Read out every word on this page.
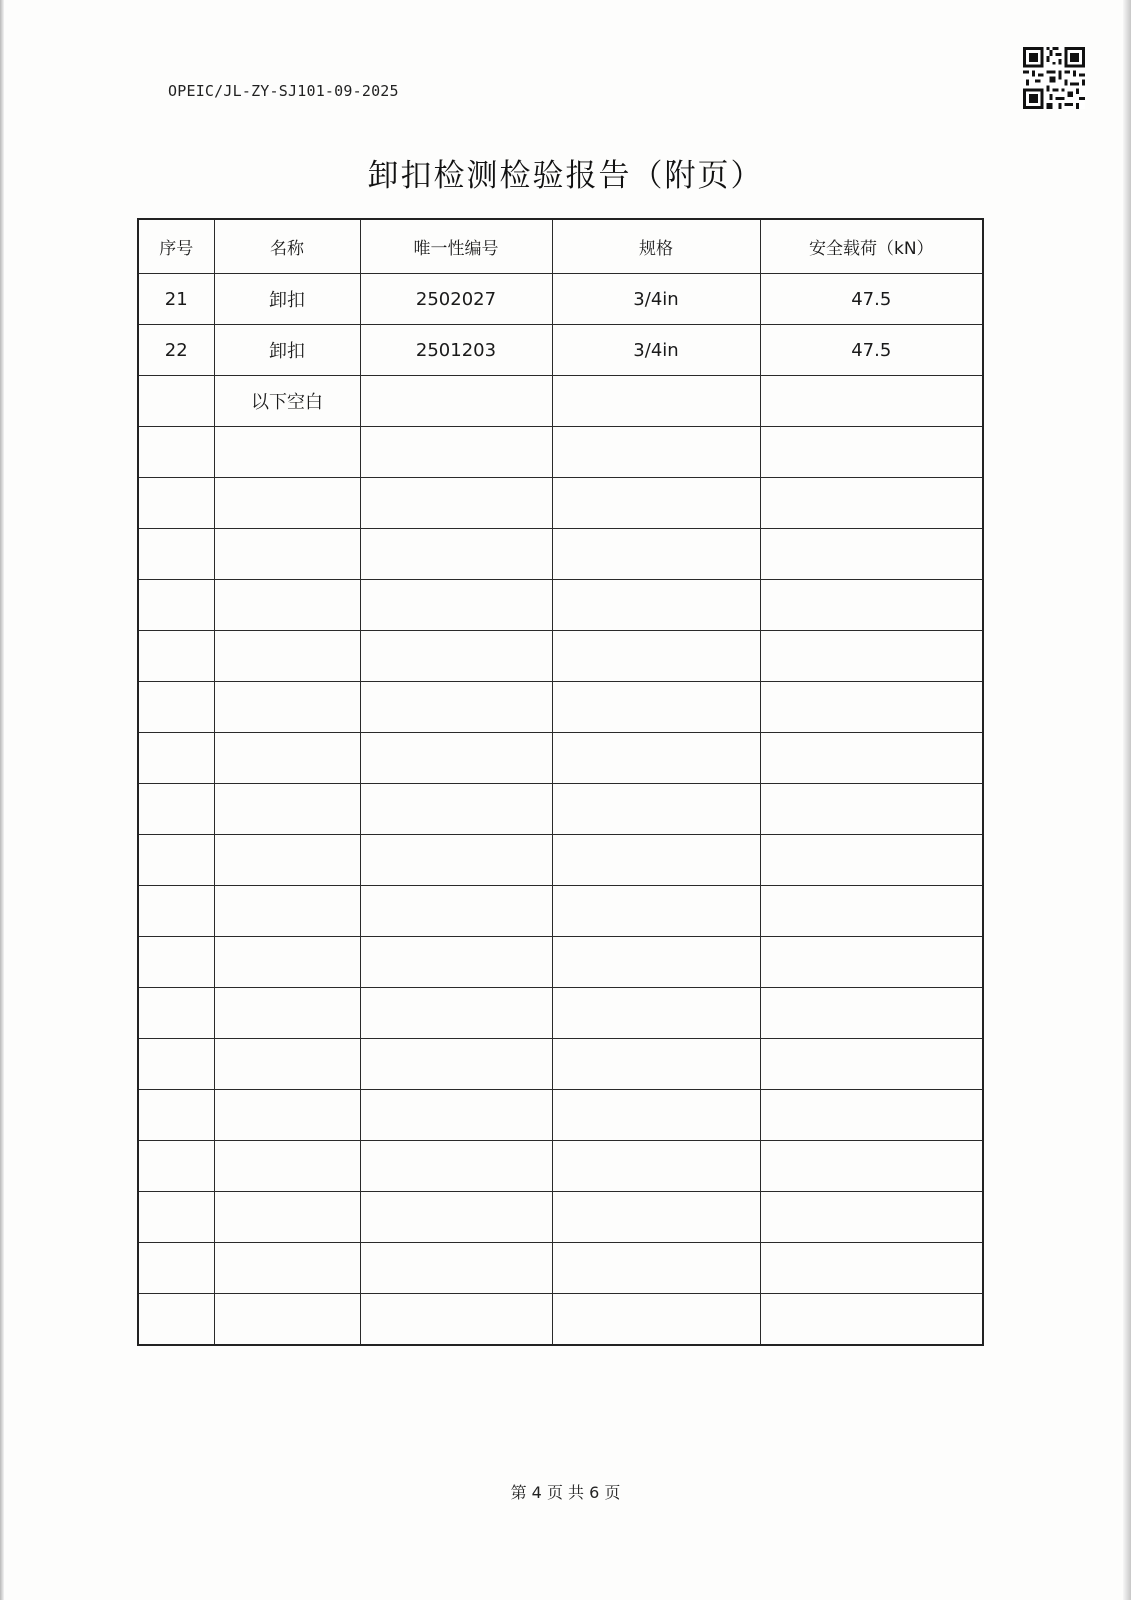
OPEIC/JL-ZY-SJ101-09-2025
卸扣检测检验报告（附页）
序号	名称	唯一性编号	规格	安全载荷（kN）
21	卸扣	2502027	3/4in	47.5
22	卸扣	2501203	3/4in	47.5
	以下空白			

第 4 页 共 6 页
